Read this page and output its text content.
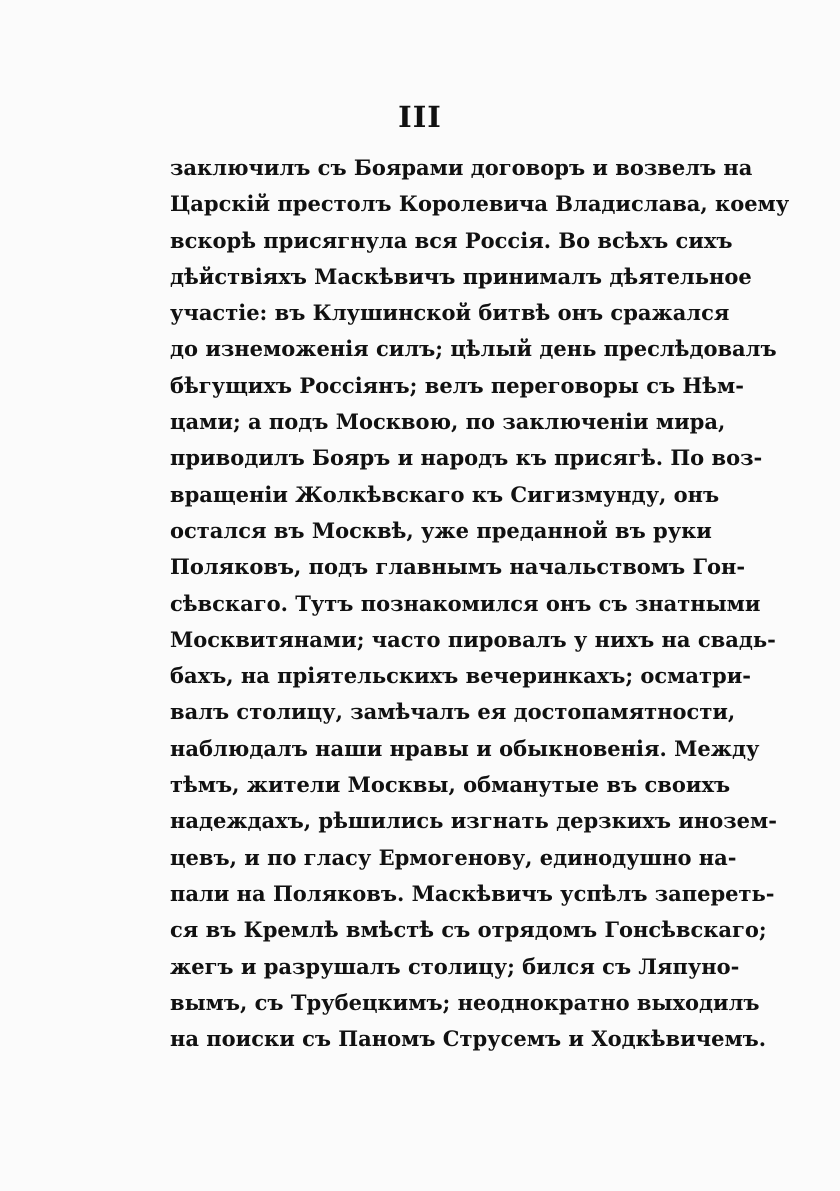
III
заключилъ съ Боярами договоръ и возвелъ на
Царскій престолъ Королевича Владислава, коему
вскорѣ присягнула вся Россія. Во всѣхъ сихъ
дѣйствіяхъ Маскѣвичъ принималъ дѣятельное
участіе: въ Клушинской битвѣ онъ сражался
до изнеможенія силъ; цѣлый день преслѣдовалъ
бѣгущихъ Россіянъ; велъ переговоры съ Нѣм-
цами; а подъ Москвою, по заключеніи мира,
приводилъ Бояръ и народъ къ присягѣ. По воз-
вращеніи Жолкѣвскаго къ Сигизмунду, онъ
остался въ Москвѣ, уже преданной въ руки
Поляковъ, подъ главнымъ начальствомъ Гон-
сѣвскаго. Тутъ познакомился онъ съ знатными
Москвитянами; часто пировалъ у нихъ на свадь-
бахъ, на пріятельскихъ вечеринкахъ; осматри-
валъ столицу, замѣчалъ ея достопамятности,
наблюдалъ наши нравы и обыкновенія. Между
тѣмъ, жители Москвы, обманутые въ своихъ
надеждахъ, рѣшились изгнать дерзкихъ инозем-
цевъ, и по гласу Ермогенову, единодушно на-
пали на Поляковъ. Маскѣвичъ успѣлъ запереть-
ся въ Кремлѣ вмѣстѣ съ отрядомъ Гонсѣвскаго;
жегъ и разрушалъ столицу; бился съ Ляпуно-
вымъ, съ Трубецкимъ; неоднократно выходилъ
на поиски съ Паномъ Струсемъ и Ходкѣвичемъ.
